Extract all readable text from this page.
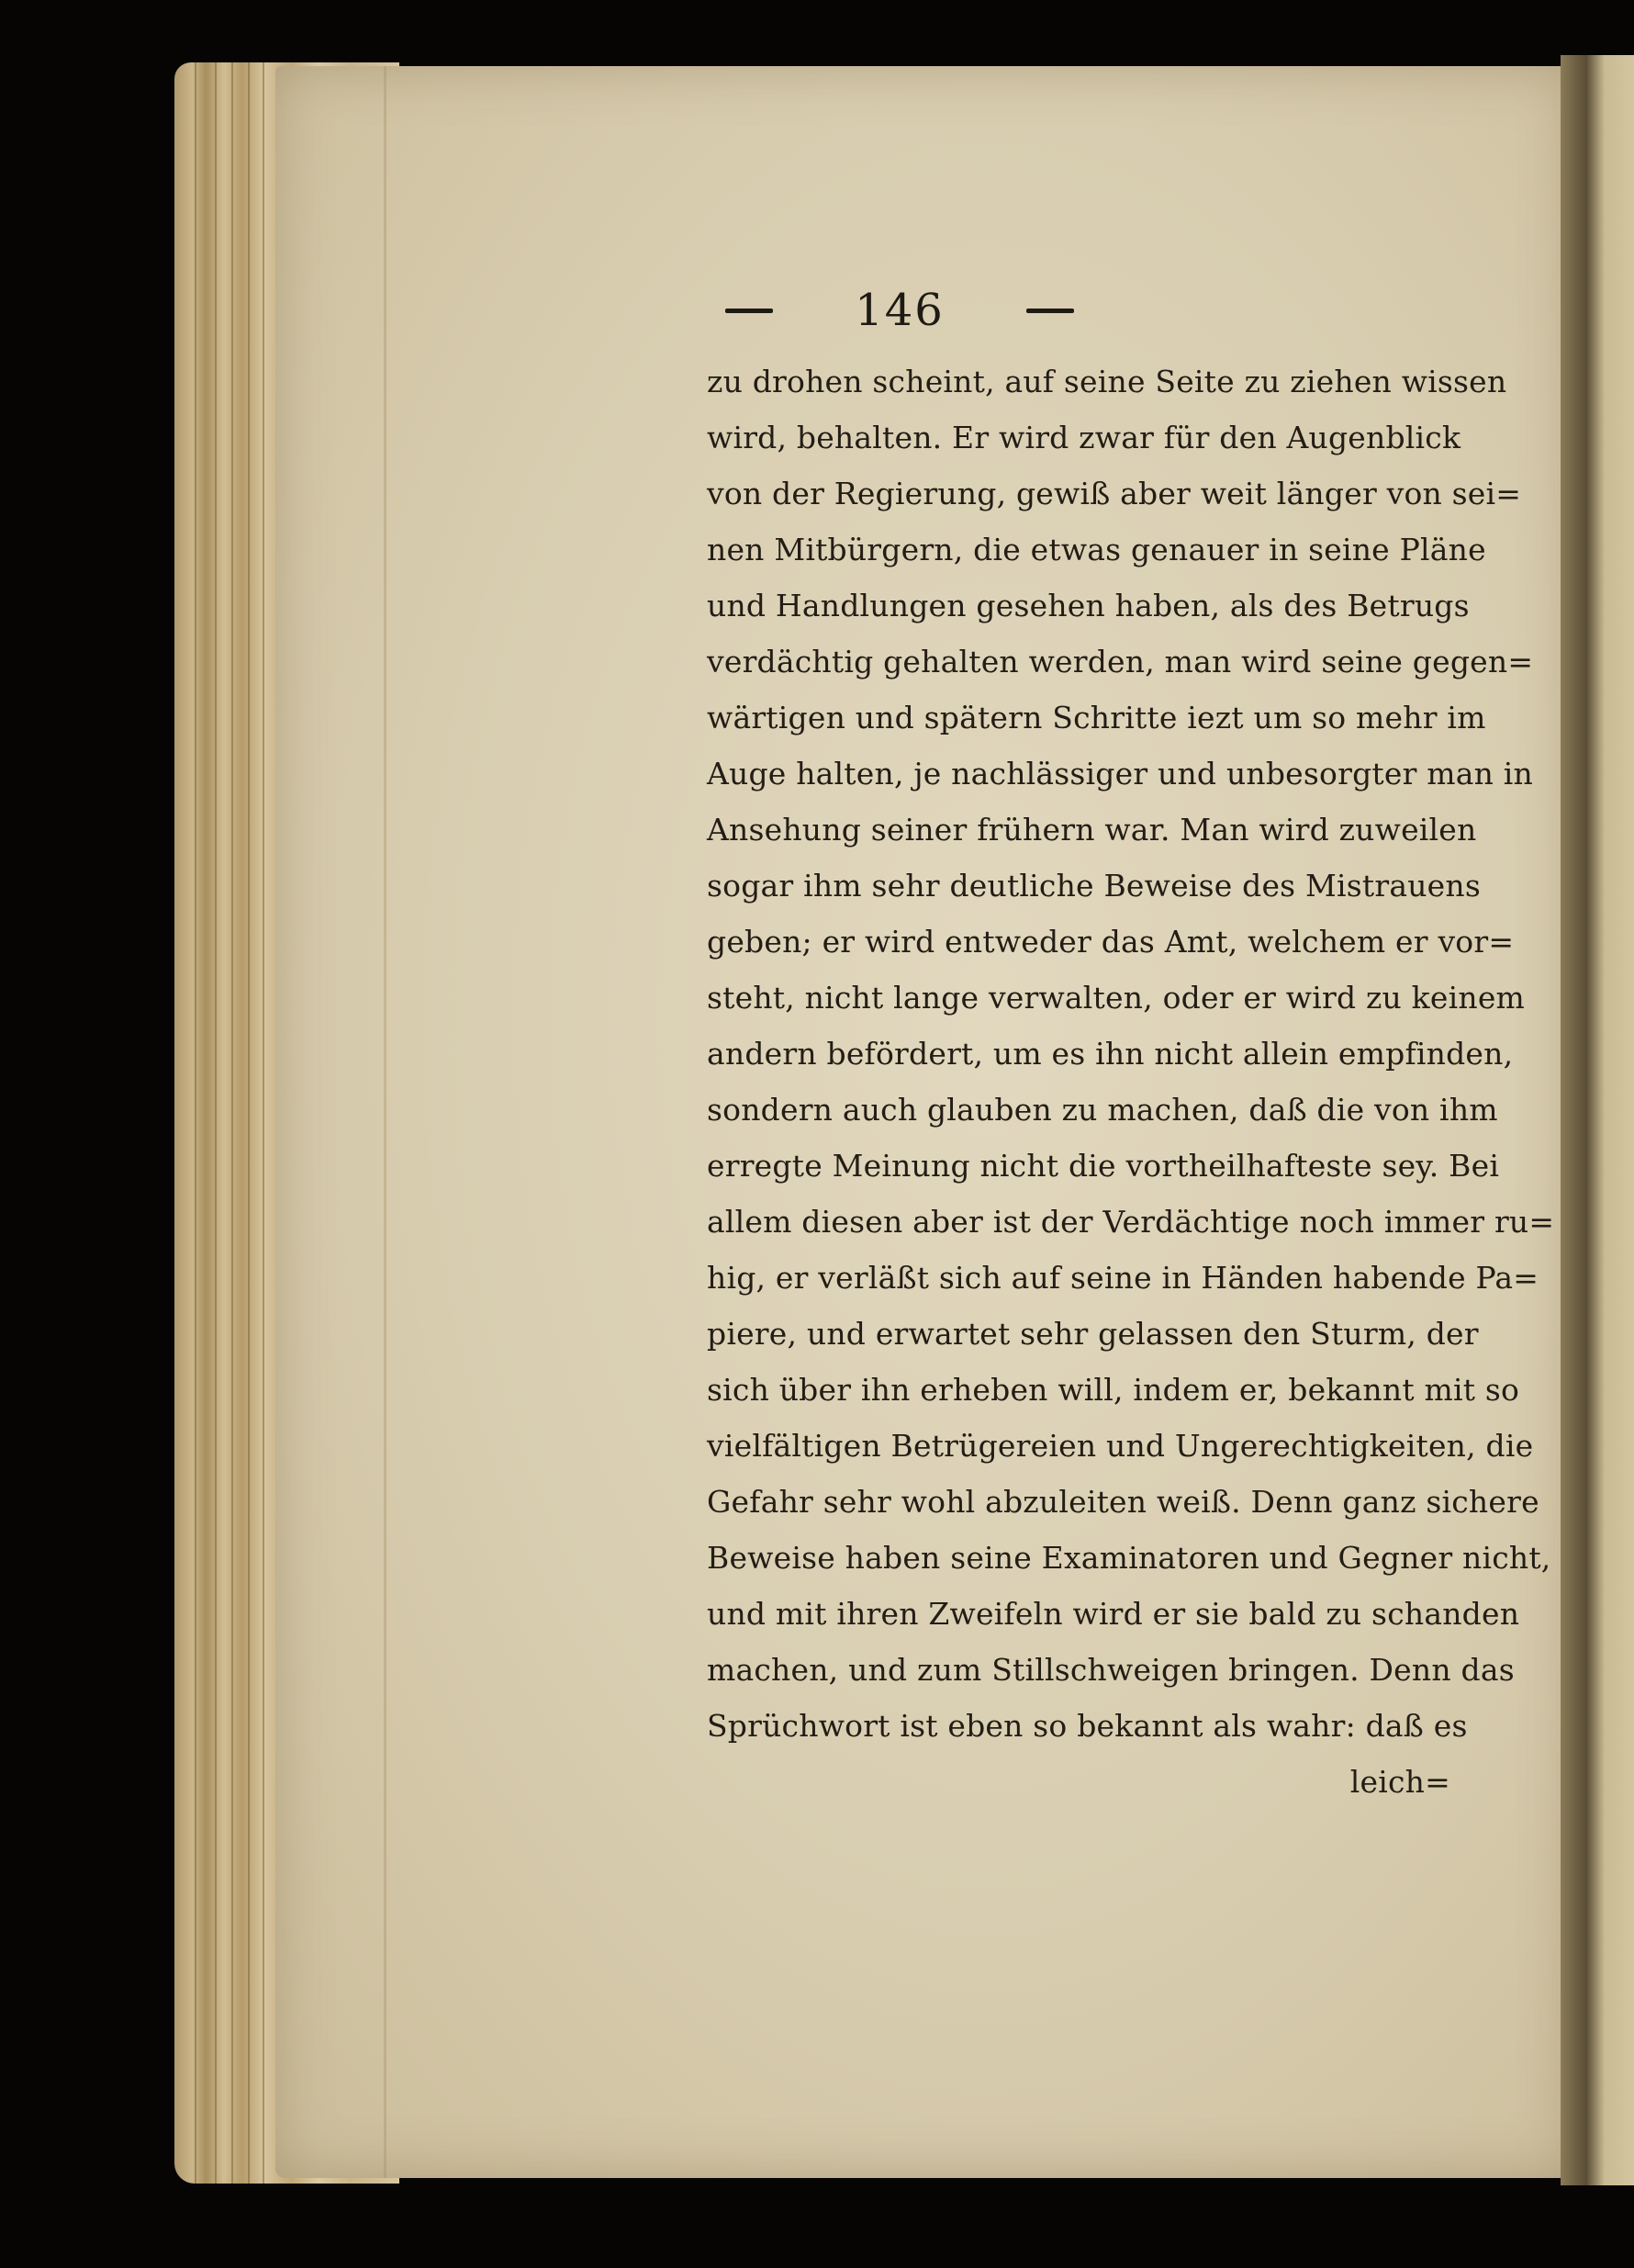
146
zu drohen scheint, auf seine Seite zu ziehen wissen
wird, behalten. Er wird zwar für den Augenblick
von der Regierung, gewiß aber weit länger von sei=
nen Mitbürgern, die etwas genauer in seine Pläne
und Handlungen gesehen haben, als des Betrugs
verdächtig gehalten werden, man wird seine gegen=
wärtigen und spätern Schritte iezt um so mehr im
Auge halten, je nachlässiger und unbesorgter man in
Ansehung seiner frühern war. Man wird zuweilen
sogar ihm sehr deutliche Beweise des Mistrauens
geben; er wird entweder das Amt, welchem er vor=
steht, nicht lange verwalten, oder er wird zu keinem
andern befördert, um es ihn nicht allein empfinden,
sondern auch glauben zu machen, daß die von ihm
erregte Meinung nicht die vortheilhafteste sey. Bei
allem diesen aber ist der Verdächtige noch immer ru=
hig, er verläßt sich auf seine in Händen habende Pa=
piere, und erwartet sehr gelassen den Sturm, der
sich über ihn erheben will, indem er, bekannt mit so
vielfältigen Betrügereien und Ungerechtigkeiten, die
Gefahr sehr wohl abzuleiten weiß. Denn ganz sichere
Beweise haben seine Examinatoren und Gegner nicht,
und mit ihren Zweifeln wird er sie bald zu schanden
machen, und zum Stillschweigen bringen. Denn das
Sprüchwort ist eben so bekannt als wahr: daß es
leich=
